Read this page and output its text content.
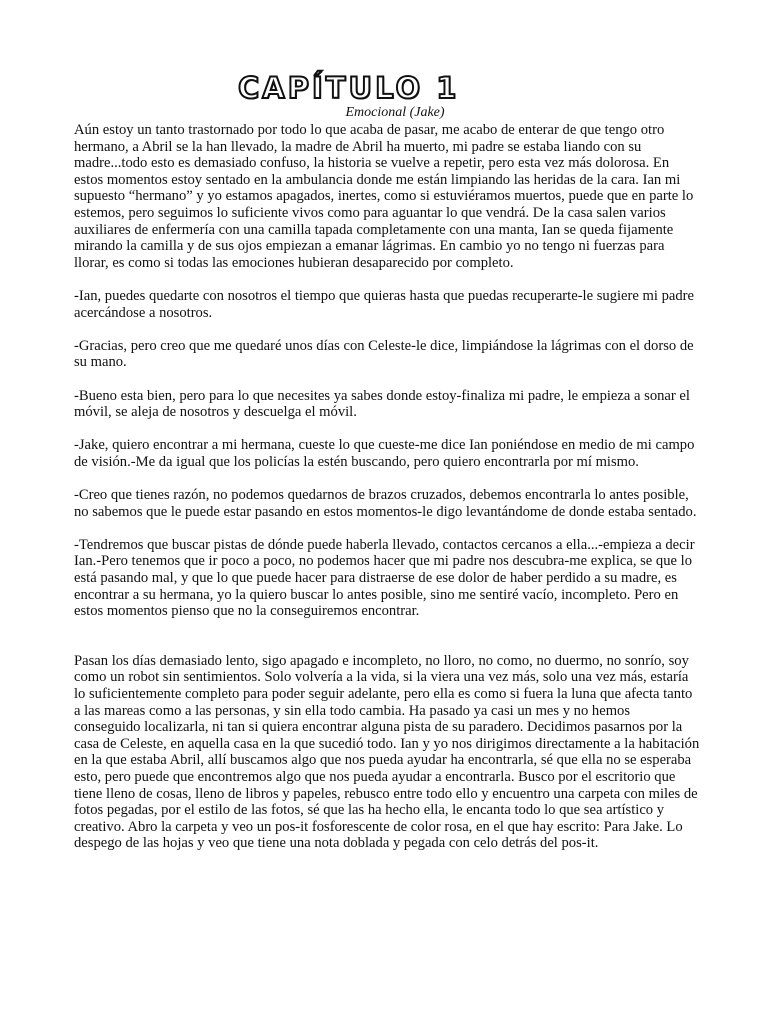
CAPÍTULO 1
Emocional (Jake)

Aún estoy un tanto trastornado por todo lo que acaba de pasar, me acabo de enterar de que tengo otro hermano, a Abril se la han llevado, la madre de Abril ha muerto, mi padre se estaba liando con su madre...todo esto es demasiado confuso, la historia se vuelve a repetir, pero esta vez más dolorosa. En estos momentos estoy sentado en la ambulancia donde me están limpiando las heridas de la cara. Ian mi supuesto “hermano” y yo estamos apagados, inertes, como si estuviéramos muertos, puede que en parte lo estemos, pero seguimos lo suficiente vivos como para aguantar lo que vendrá. De la casa salen varios auxiliares de enfermería con una camilla tapada completamente con una manta, Ian se queda fijamente mirando la camilla y de sus ojos empiezan a emanar lágrimas. En cambio yo no tengo ni fuerzas para llorar, es como si todas las emociones hubieran desaparecido por completo.

-Ian, puedes quedarte con nosotros el tiempo que quieras hasta que puedas recuperarte-le sugiere mi padre acercándose a nosotros.

-Gracias, pero creo que me quedaré unos días con Celeste-le dice, limpiándose la lágrimas con el dorso de su mano.

-Bueno esta bien, pero para lo que necesites ya sabes donde estoy-finaliza mi padre, le empieza a sonar el móvil, se aleja de nosotros y descuelga el móvil.

-Jake, quiero encontrar a mi hermana, cueste lo que cueste-me dice Ian poniéndose en medio de mi campo de visión.-Me da igual que los policías la estén buscando, pero quiero encontrarla por mí mismo.

-Creo que tienes razón, no podemos quedarnos de brazos cruzados, debemos encontrarla lo antes posible, no sabemos que le puede estar pasando en estos momentos-le digo levantándome de donde estaba sentado.

-Tendremos que buscar pistas de dónde puede haberla llevado, contactos cercanos a ella...-empieza a decir Ian.-Pero tenemos que ir poco a poco, no podemos hacer que mi padre nos descubra-me explica, se que lo está pasando mal, y que lo que puede hacer para distraerse de ese dolor de haber perdido a su madre, es encontrar a su hermana, yo la quiero buscar lo antes posible, sino me sentiré vacío, incompleto. Pero en estos momentos pienso que no la conseguiremos encontrar.

Pasan los días demasiado lento, sigo apagado e incompleto, no lloro, no como, no duermo, no sonrío, soy como un robot sin sentimientos. Solo volvería a la vida, si la viera una vez más, solo una vez más, estaría lo suficientemente completo para poder seguir adelante, pero ella es como si fuera la luna que afecta tanto a las mareas como a las personas, y sin ella todo cambia. Ha pasado ya casi un mes y no hemos conseguido localizarla, ni tan si quiera encontrar alguna pista de su paradero. Decidimos pasarnos por la casa de Celeste, en aquella casa en la que sucedió todo. Ian y yo nos dirigimos directamente a la habitación en la que estaba Abril, allí buscamos algo que nos pueda ayudar ha encontrarla, sé que ella no se esperaba esto, pero puede que encontremos algo que nos pueda ayudar a encontrarla. Busco por el escritorio que tiene lleno de cosas, lleno de libros y papeles, rebusco entre todo ello y encuentro una carpeta con miles de fotos pegadas, por el estilo de las fotos, sé que las ha hecho ella, le encanta todo lo que sea artístico y creativo. Abro la carpeta y veo un pos-it fosforescente de color rosa, en el que hay escrito: Para Jake. Lo despego de las hojas y veo que tiene una nota doblada y pegada con celo detrás del pos-it.
